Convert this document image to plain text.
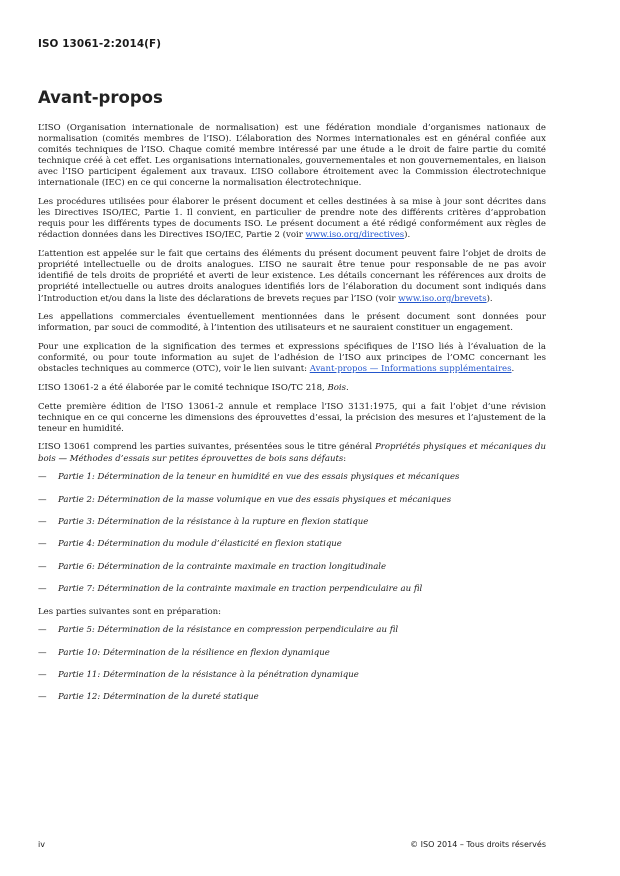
ISO 13061-2:2014(F)
Avant-propos

L’ISO (Organisation internationale de normalisation) est une fédération mondiale d’organismes nationaux de normalisation (comités membres de l’ISO). L’élaboration des Normes internationales est en général confiée aux comités techniques de l’ISO. Chaque comité membre intéressé par une étude a le droit de faire partie du comité technique créé à cet effet. Les organisations internationales, gouvernementales et non gouvernementales, en liaison avec l’ISO participent également aux travaux. L’ISO collabore étroitement avec la Commission électrotechnique internationale (IEC) en ce qui concerne la normalisation électrotechnique.

Les procédures utilisées pour élaborer le présent document et celles destinées à sa mise à jour sont décrites dans les Directives ISO/IEC, Partie 1. Il convient, en particulier de prendre note des différents critères d’approbation requis pour les différents types de documents ISO. Le présent document a été rédigé conformément aux règles de rédaction données dans les Directives ISO/IEC, Partie 2 (voir www.iso.org/directives).

L’attention est appelée sur le fait que certains des éléments du présent document peuvent faire l’objet de droits de propriété intellectuelle ou de droits analogues. L’ISO ne saurait être tenue pour responsable de ne pas avoir identifié de tels droits de propriété et averti de leur existence. Les détails concernant les références aux droits de propriété intellectuelle ou autres droits analogues identifiés lors de l’élaboration du document sont indiqués dans l’Introduction et/ou dans la liste des déclarations de brevets reçues par l’ISO (voir www.iso.org/brevets).

Les appellations commerciales éventuellement mentionnées dans le présent document sont données pour information, par souci de commodité, à l’intention des utilisateurs et ne sauraient constituer un engagement.

Pour une explication de la signification des termes et expressions spécifiques de l’ISO liés à l’évaluation de la conformité, ou pour toute information au sujet de l’adhésion de l’ISO aux principes de l’OMC concernant les obstacles techniques au commerce (OTC), voir le lien suivant: Avant-propos — Informations supplémentaires.

L’ISO 13061-2 a été élaborée par le comité technique ISO/TC 218, Bois.

Cette première édition de l’ISO 13061-2 annule et remplace l’ISO 3131:1975, qui a fait l’objet d’une révision technique en ce qui concerne les dimensions des éprouvettes d’essai, la précision des mesures et l’ajustement de la teneur en humidité.

L’ISO 13061 comprend les parties suivantes, présentées sous le titre général Propriétés physiques et mécaniques du bois — Méthodes d’essais sur petites éprouvettes de bois sans défauts:

—	Partie 1: Détermination de la teneur en humidité en vue des essais physiques et mécaniques
—	Partie 2: Détermination de la masse volumique en vue des essais physiques et mécaniques
—	Partie 3: Détermination de la résistance à la rupture en flexion statique
—	Partie 4: Détermination du module d’élasticité en flexion statique
—	Partie 6: Détermination de la contrainte maximale en traction longitudinale
—	Partie 7: Détermination de la contrainte maximale en traction perpendiculaire au fil

Les parties suivantes sont en préparation:

—	Partie 5: Détermination de la résistance en compression perpendiculaire au fil
—	Partie 10: Détermination de la résilience en flexion dynamique
—	Partie 11: Détermination de la résistance à la pénétration dynamique
—	Partie 12: Détermination de la dureté statique
iv	© ISO 2014 – Tous droits réservés
